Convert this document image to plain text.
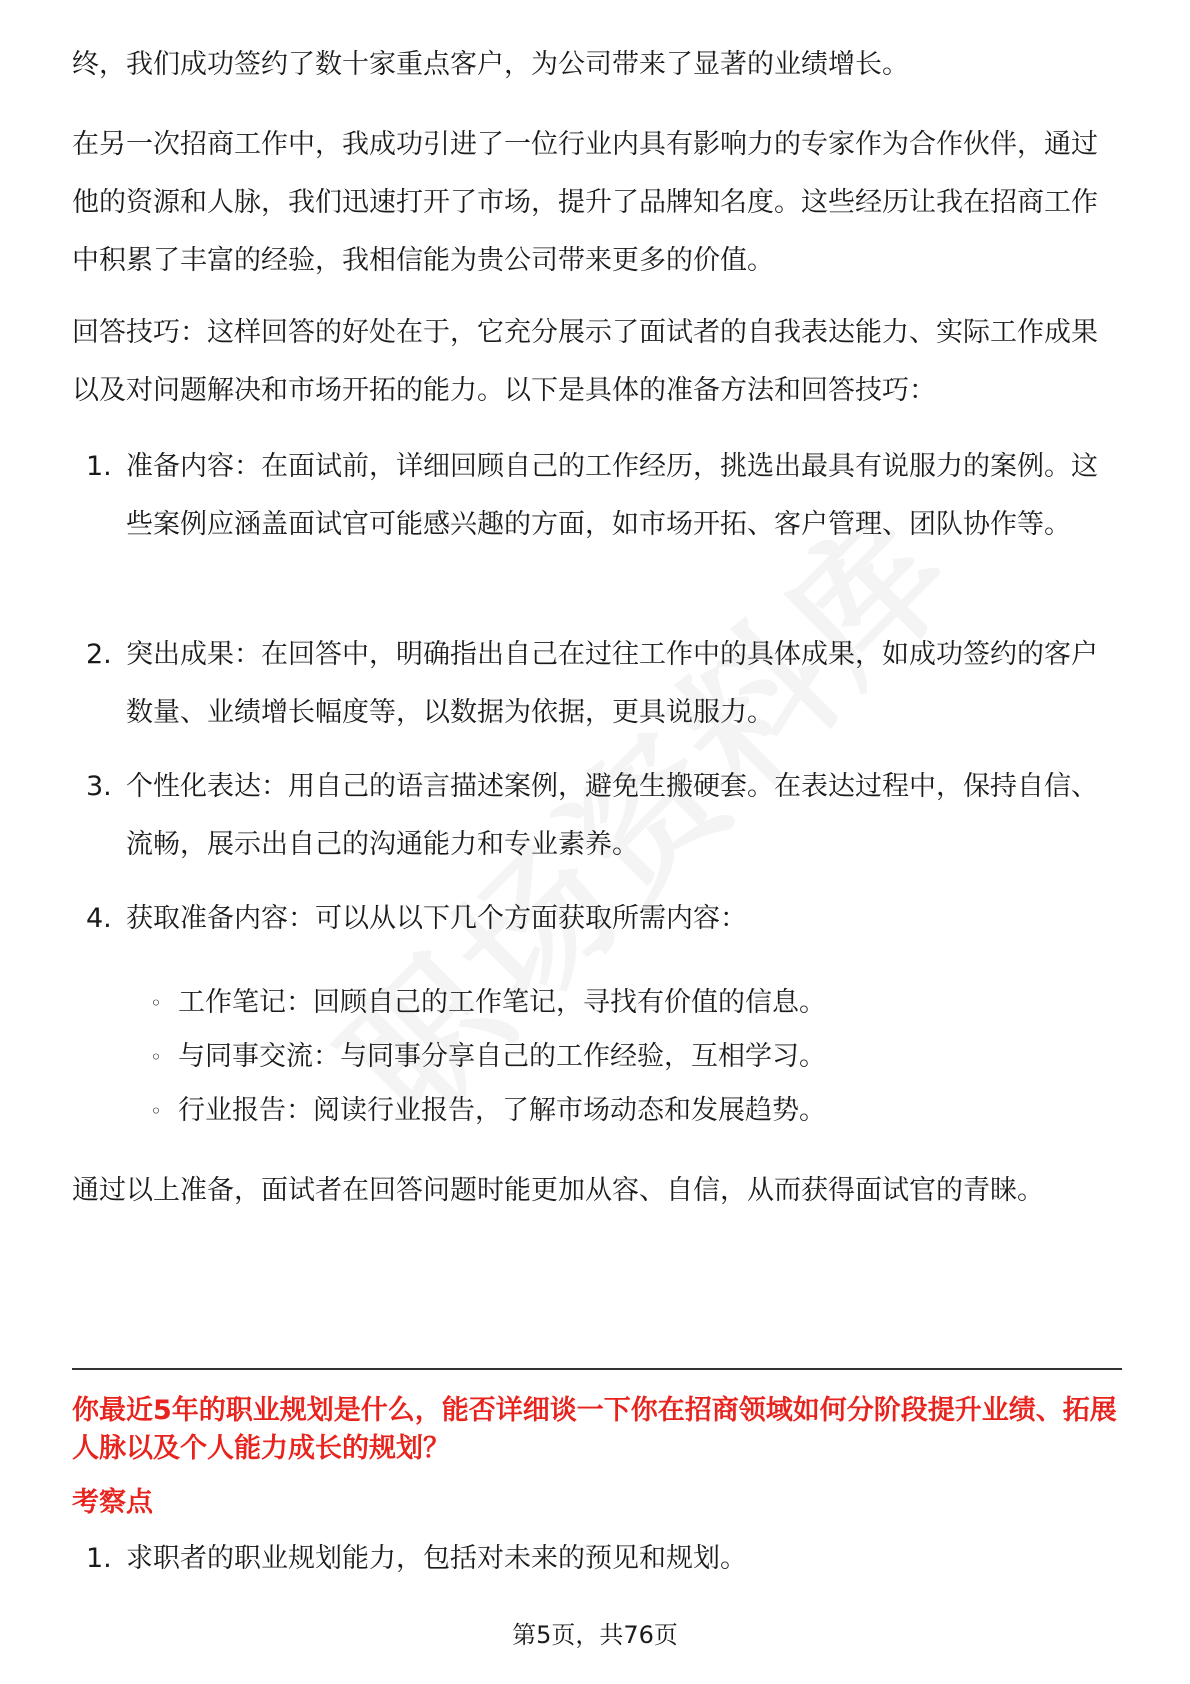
终，我们成功签约了数十家重点客户，为公司带来了显著的业绩增长。

在另一次招商工作中，我成功引进了一位行业内具有影响力的专家作为合作伙伴，通过他的资源和人脉，我们迅速打开了市场，提升了品牌知名度。这些经历让我在招商工作中积累了丰富的经验，我相信能为贵公司带来更多的价值。

回答技巧：这样回答的好处在于，它充分展示了面试者的自我表达能力、实际工作成果以及对问题解决和市场开拓的能力。以下是具体的准备方法和回答技巧：

1. 准备内容：在面试前，详细回顾自己的工作经历，挑选出最具有说服力的案例。这些案例应涵盖面试官可能感兴趣的方面，如市场开拓、客户管理、团队协作等。

2. 突出成果：在回答中，明确指出自己在过往工作中的具体成果，如成功签约的客户数量、业绩增长幅度等，以数据为依据，更具说服力。

3. 个性化表达：用自己的语言描述案例，避免生搬硬套。在表达过程中，保持自信、流畅，展示出自己的沟通能力和专业素养。

4. 获取准备内容：可以从以下几个方面获取所需内容：

◦ 工作笔记：回顾自己的工作笔记，寻找有价值的信息。

◦ 与同事交流：与同事分享自己的工作经验，互相学习。

◦ 行业报告：阅读行业报告，了解市场动态和发展趋势。

通过以上准备，面试者在回答问题时能更加从容、自信，从而获得面试官的青睐。

你最近5年的职业规划是什么，能否详细谈一下你在招商领域如何分阶段提升业绩、拓展人脉以及个人能力成长的规划？

考察点

1. 求职者的职业规划能力，包括对未来的预见和规划。

第5页，共76页
